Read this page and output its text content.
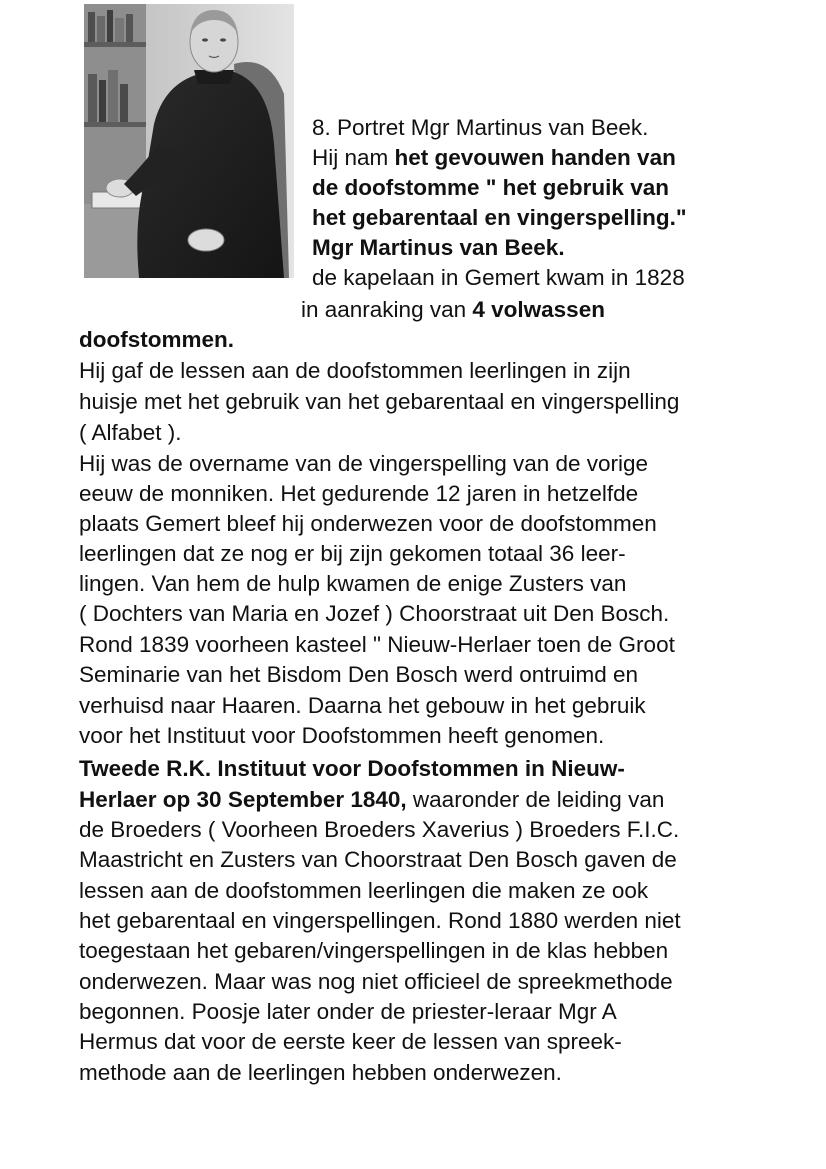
8. Portret Mgr Martinus van Beek.
Hij nam het gevouwen handen van
de doofstomme " het gebruik van
het gebarentaal en vingerspelling."
Mgr Martinus van Beek.
de kapelaan in Gemert kwam in 1828
in aanraking van 4 volwassen
doofstommen.
Hij gaf de lessen aan de doofstommen leerlingen in zijn
huisje met het gebruik van het gebarentaal en vingerspelling
( Alfabet ).
Hij was de overname van de vingerspelling van de vorige
eeuw de monniken. Het gedurende 12 jaren in hetzelfde
plaats Gemert bleef hij onderwezen voor de doofstommen
leerlingen dat ze nog er bij zijn gekomen totaal 36 leer-
lingen. Van hem de hulp kwamen de enige Zusters van
( Dochters van Maria en Jozef ) Choorstraat uit Den Bosch.
Rond 1839 voorheen kasteel " Nieuw-Herlaer toen de Groot
Seminarie van het Bisdom Den Bosch werd ontruimd en
verhuisd naar Haaren. Daarna het gebouw in het gebruik
voor het Instituut voor Doofstommen heeft genomen.
Tweede R.K. Instituut voor Doofstommen in Nieuw-
Herlaer op 30 September 1840, waaronder de leiding van
de Broeders ( Voorheen Broeders Xaverius ) Broeders F.I.C.
Maastricht en Zusters van Choorstraat Den Bosch gaven de
lessen aan de doofstommen leerlingen die maken ze ook
het gebarentaal en vingerspellingen. Rond 1880 werden niet
toegestaan het gebaren/vingerspellingen in de klas hebben
onderwezen. Maar was nog niet officieel de spreekmethode
begonnen. Poosje later onder de priester-leraar Mgr A
Hermus dat voor de eerste keer de lessen van spreek-
methode aan de leerlingen hebben onderwezen.
